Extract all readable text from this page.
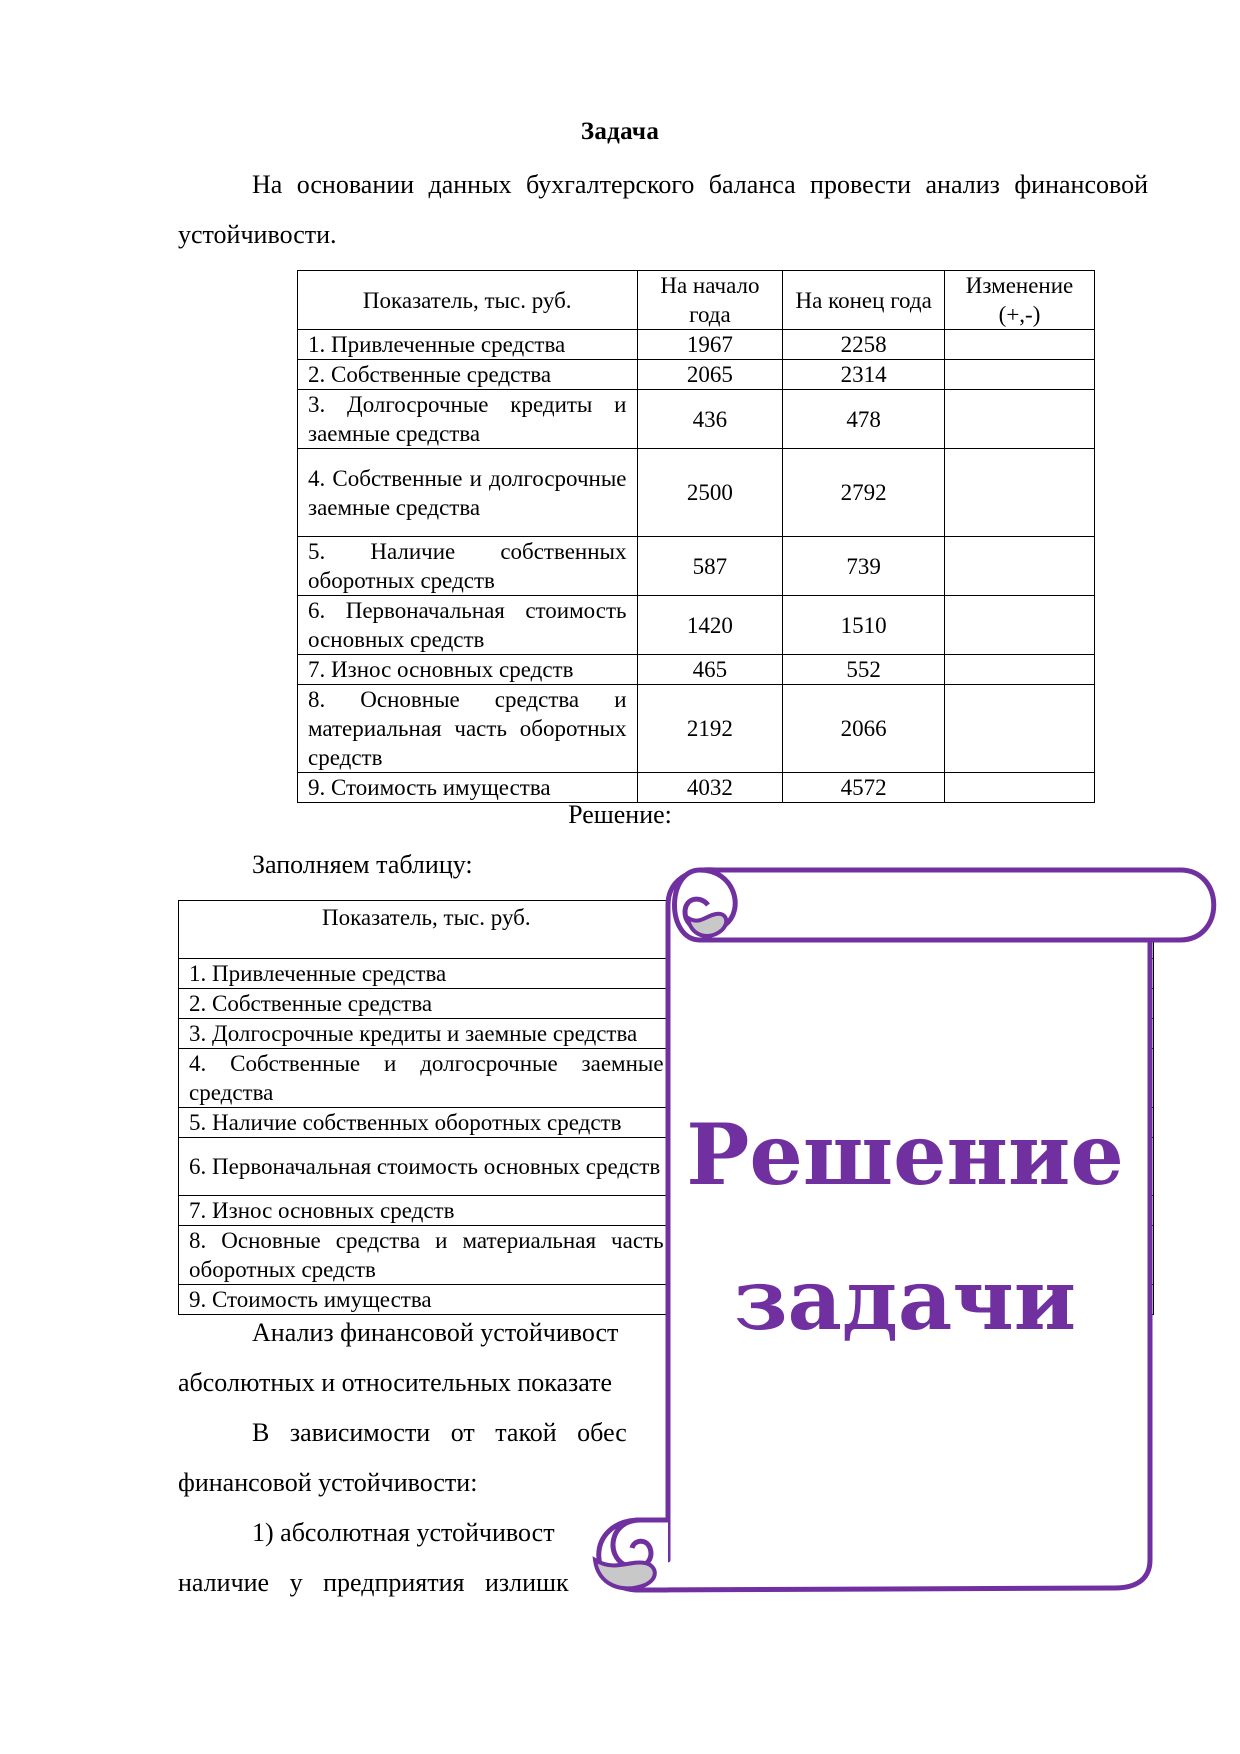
Задача
На основании данных бухгалтерского баланса провести анализ финансовой устойчивости.
Показатель, тыс. руб.	На начало года	На конец года	Изменение (+,-)
1. Привлеченные средства	1967	2258	
2. Собственные средства	2065	2314	
3. Долгосрочные кредиты и заемные средства	436	478	
4. Собственные и долгосрочные заемные средства	2500	2792	
5. Наличие собственных оборотных средств	587	739	
6. Первоначальная стоимость основных средств	1420	1510	
7. Износ основных средств	465	552	
8. Основные средства и материальная часть оборотных средств	2192	2066	
9. Стоимость имущества	4032	4572	
Решение:
Заполняем таблицу:
Показатель, тыс. руб.	
1. Привлеченные средства	
2. Собственные средства	
3. Долгосрочные кредиты и заемные средства	
4. Собственные и долгосрочные заемные средства	
5. Наличие собственных оборотных средств	
6. Первоначальная стоимость основных средств	
7. Износ основных средств	
8. Основные средства и материальная часть оборотных средств	
9. Стоимость имущества	
Анализ финансовой устойчивост
абсолютных и относительных показате
В зависимости от такой обес
финансовой устойчивости:
1) абсолютная устойчивост
наличие у предприятия излишк
Решение
задачи
